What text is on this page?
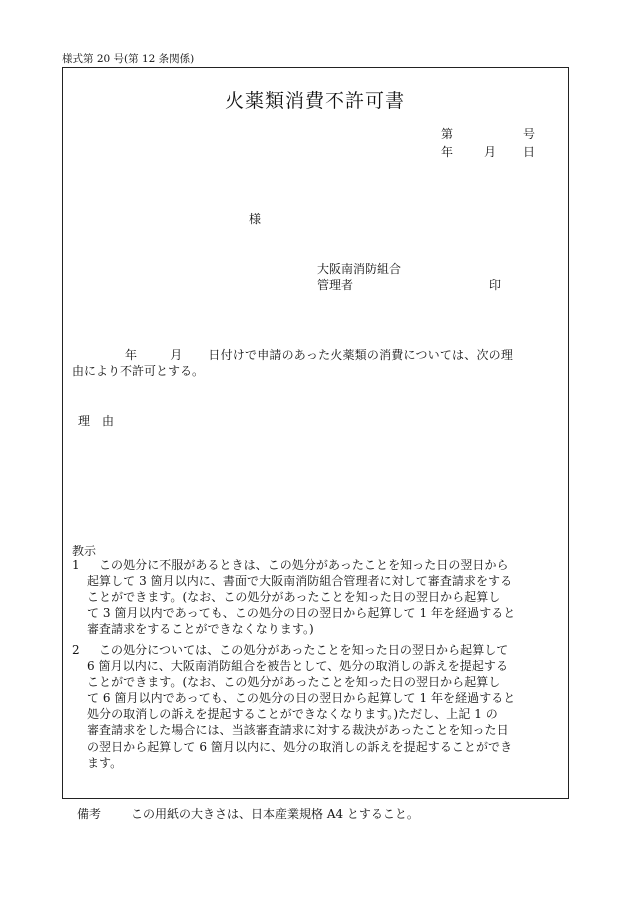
様式第 20 号(第 12 条関係)
火薬類消費不許可書
第	号
年	月 日
様
大阪南消防組合
管理者	印
年	月 日付けで申請のあった火薬類の消費については、次の理
由により不許可とする。
理　由
教示
1	この処分に不服があるときは、この処分があったことを知った日の翌日から
起算して 3 箇月以内に、書面で大阪南消防組合管理者に対して審査請求をする
ことができます。(なお、この処分があったことを知った日の翌日から起算し
て 3 箇月以内であっても、この処分の日の翌日から起算して 1 年を経過すると
審査請求をすることができなくなります。)
2	この処分については、この処分があったことを知った日の翌日から起算して
6 箇月以内に、大阪南消防組合を被告として、処分の取消しの訴えを提起する
ことができます。(なお、この処分があったことを知った日の翌日から起算し
て 6 箇月以内であっても、この処分の日の翌日から起算して 1 年を経過すると
処分の取消しの訴えを提起することができなくなります。)ただし、上記 1 の
審査請求をした場合には、当該審査請求に対する裁決があったことを知った日
の翌日から起算して 6 箇月以内に、処分の取消しの訴えを提起することができ
ます。
備考 この用紙の大きさは、日本産業規格 A4 とすること。
